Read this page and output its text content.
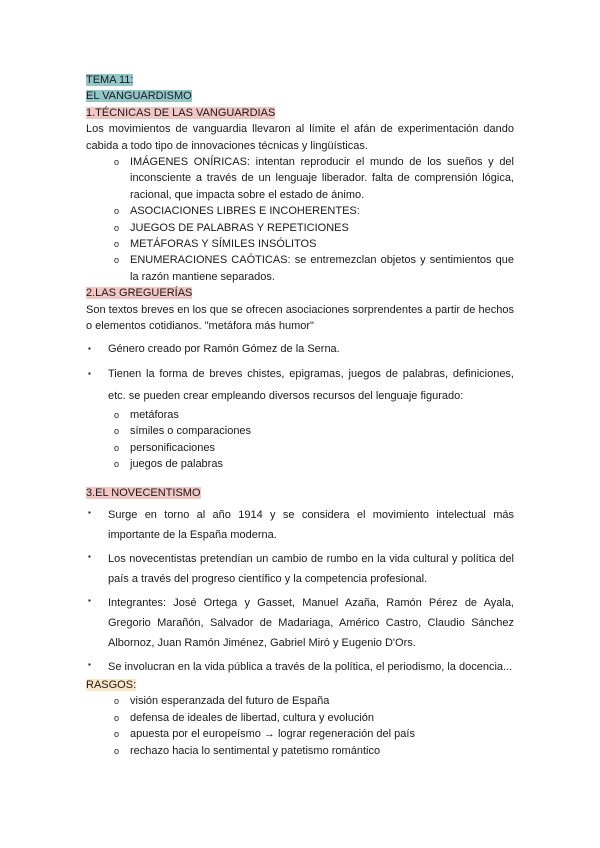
TEMA 11:
EL VANGUARDISMO
1.TÉCNICAS DE LAS VANGUARDIAS

Los movimientos de vanguardia llevaron al límite el afán de experimentación dando cabida a todo tipo de innovaciones técnicas y lingüísticas.

o IMÁGENES ONÍRICAS: intentan reproducir el mundo de los sueños y del inconsciente a través de un lenguaje liberador. falta de comprensión lógica, racional, que impacta sobre el estado de ánimo.

o ASOCIACIONES LIBRES E INCOHERENTES:
o JUEGOS DE PALABRAS Y REPETICIONES
o METÁFORAS Y SÍMILES INSÓLITOS
o ENUMERACIONES CAÓTICAS: se entremezclan objetos y sentimientos que la razón mantiene separados.

2.LAS GREGUERÍAS

Son textos breves en los que se ofrecen asociaciones sorprendentes a partir de hechos o elementos cotidianos. "metáfora más humor"

▪ Género creado por Ramón Gómez de la Serna.
▪ Tienen la forma de breves chistes, epigramas, juegos de palabras, definiciones, etc. se pueden crear empleando diversos recursos del lenguaje figurado:

o metáforas
o símiles o comparaciones
o personificaciones
o juegos de palabras
3.EL NOVECENTISMO
▪ Surge en torno al año 1914 y se considera el movimiento intelectual más importante de la España moderna.

▪ Los novecentistas pretendían un cambio de rumbo en la vida cultural y política del país a través del progreso científico y la competencia profesional.

▪ Integrantes: José Ortega y Gasset, Manuel Azaña, Ramón Pérez de Ayala, Gregorio Marañón, Salvador de Madariaga, Américo Castro, Claudio Sánchez Albornoz, Juan Ramón Jiménez, Gabriel Miró y Eugenio D'Ors.

▪ Se involucran en la vida pública a través de la política, el periodismo, la docencia...

RASGOS:
o visión esperanzada del futuro de España
o defensa de ideales de libertad, cultura y evolución
o apuesta por el europeísmo → lograr regeneración del país
o rechazo hacia lo sentimental y patetismo romántico
